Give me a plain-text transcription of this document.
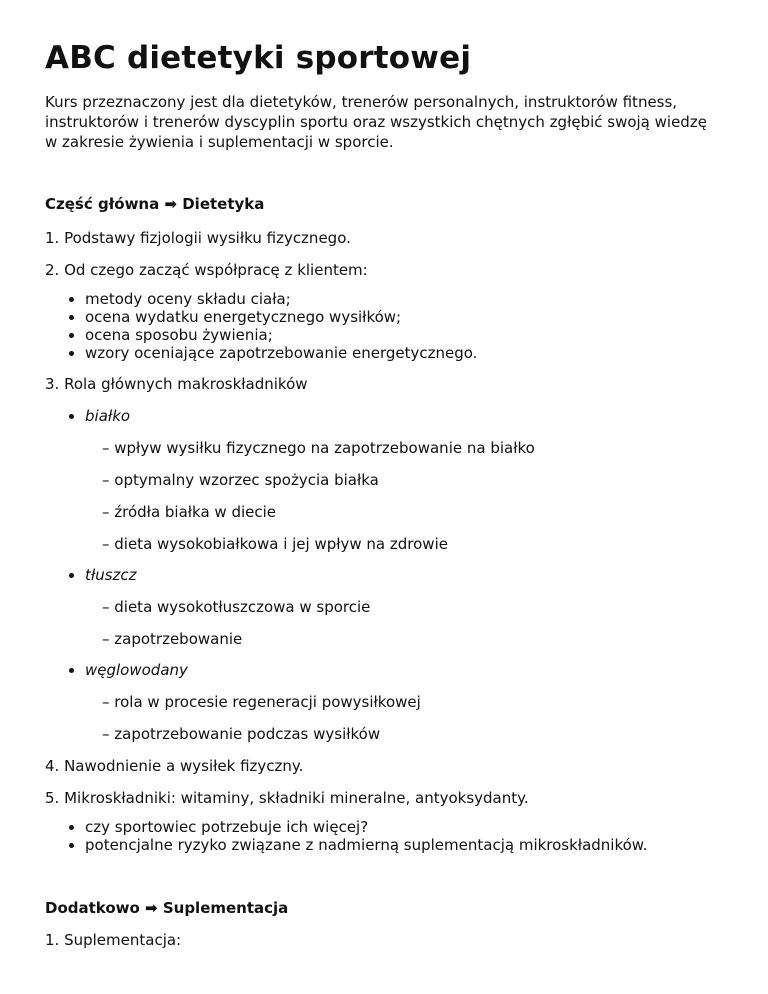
ABC dietetyki sportowej

Kurs przeznaczony jest dla dietetyków, trenerów personalnych, instruktorów fitness, instruktorów i trenerów dyscyplin sportu oraz wszystkich chętnych zgłębić swoją wiedzę w zakresie żywienia i suplementacji w sporcie.

Część główna ➡ Dietetyka

1. Podstawy fizjologii wysiłku fizycznego.

2. Od czego zacząć współpracę z klientem:

• metody oceny składu ciała;
• ocena wydatku energetycznego wysiłków;
• ocena sposobu żywienia;
• wzory oceniające zapotrzebowanie energetycznego.

3. Rola głównych makroskładników

• białko

– wpływ wysiłku fizycznego na zapotrzebowanie na białko

– optymalny wzorzec spożycia białka

– źródła białka w diecie

– dieta wysokobiałkowa i jej wpływ na zdrowie

• tłuszcz

– dieta wysokotłuszczowa w sporcie

– zapotrzebowanie

• węglowodany

– rola w procesie regeneracji powysiłkowej

– zapotrzebowanie podczas wysiłków

4. Nawodnienie a wysiłek fizyczny.

5. Mikroskładniki: witaminy, składniki mineralne, antyoksydanty.

• czy sportowiec potrzebuje ich więcej?
• potencjalne ryzyko związane z nadmierną suplementacją mikroskładników.

Dodatkowo ➡ Suplementacja

1. Suplementacja:
